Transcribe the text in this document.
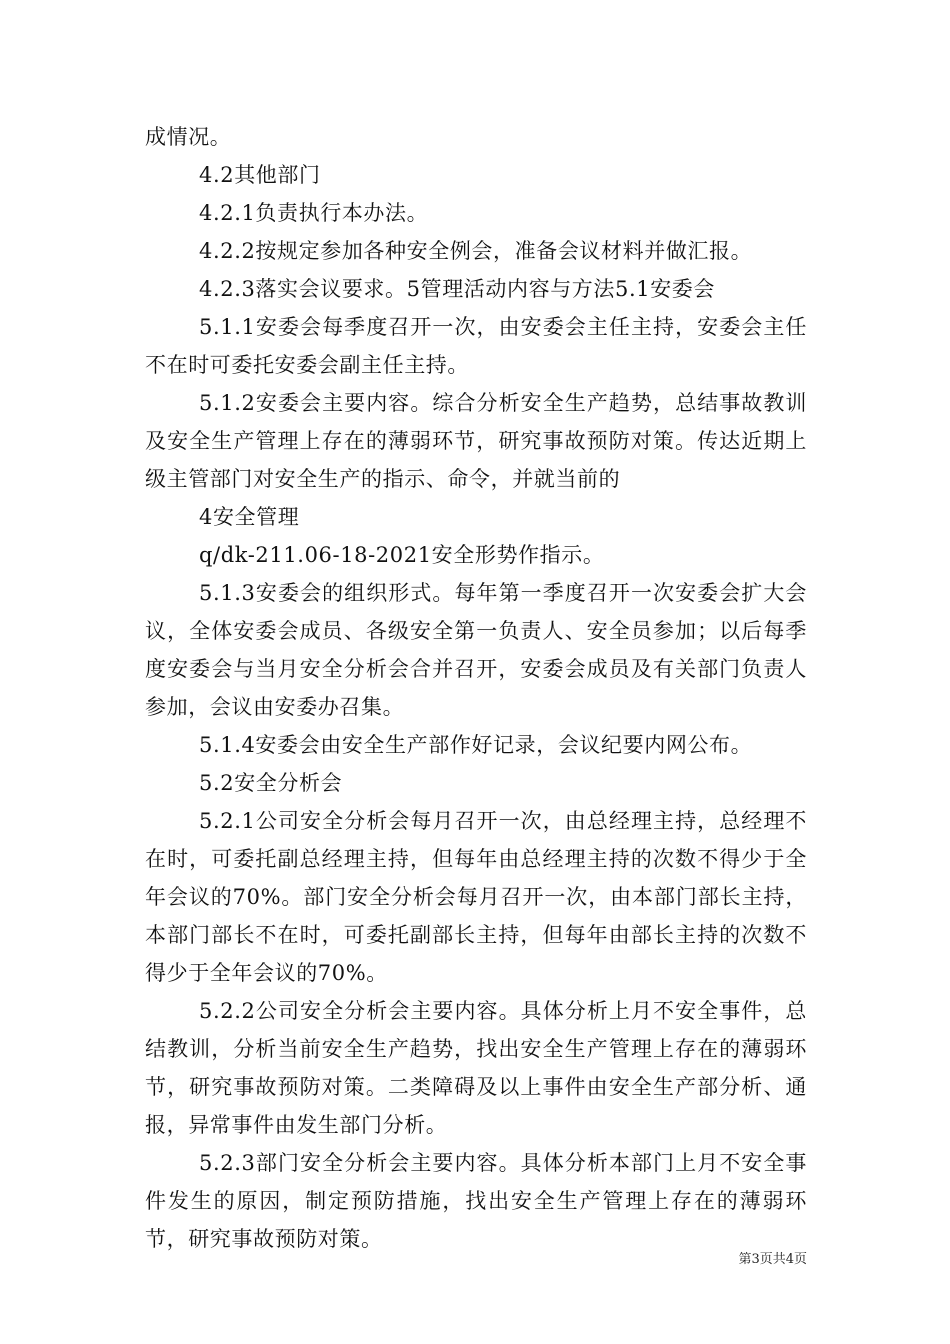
成情况。

4.2其他部门

4.2.1负责执行本办法。

4.2.2按规定参加各种安全例会，准备会议材料并做汇报。

4.2.3落实会议要求。5管理活动内容与方法5.1安委会

5.1.1安委会每季度召开一次，由安委会主任主持，安委会主任不在时可委托安委会副主任主持。

5.1.2安委会主要内容。综合分析安全生产趋势，总结事故教训及安全生产管理上存在的薄弱环节，研究事故预防对策。传达近期上级主管部门对安全生产的指示、命令，并就当前的

4安全管理

q/dk-211.06-18-2021安全形势作指示。

5.1.3安委会的组织形式。每年第一季度召开一次安委会扩大会议，全体安委会成员、各级安全第一负责人、安全员参加；以后每季度安委会与当月安全分析会合并召开，安委会成员及有关部门负责人参加，会议由安委办召集。

5.1.4安委会由安全生产部作好记录，会议纪要内网公布。

5.2安全分析会

5.2.1公司安全分析会每月召开一次，由总经理主持，总经理不在时，可委托副总经理主持，但每年由总经理主持的次数不得少于全年会议的70%。部门安全分析会每月召开一次，由本部门部长主持，本部门部长不在时，可委托副部长主持，但每年由部长主持的次数不得少于全年会议的70%。

5.2.2公司安全分析会主要内容。具体分析上月不安全事件，总结教训，分析当前安全生产趋势，找出安全生产管理上存在的薄弱环节，研究事故预防对策。二类障碍及以上事件由安全生产部分析、通报，异常事件由发生部门分析。

5.2.3部门安全分析会主要内容。具体分析本部门上月不安全事件发生的原因，制定预防措施，找出安全生产管理上存在的薄弱环节，研究事故预防对策。

第3页共4页
